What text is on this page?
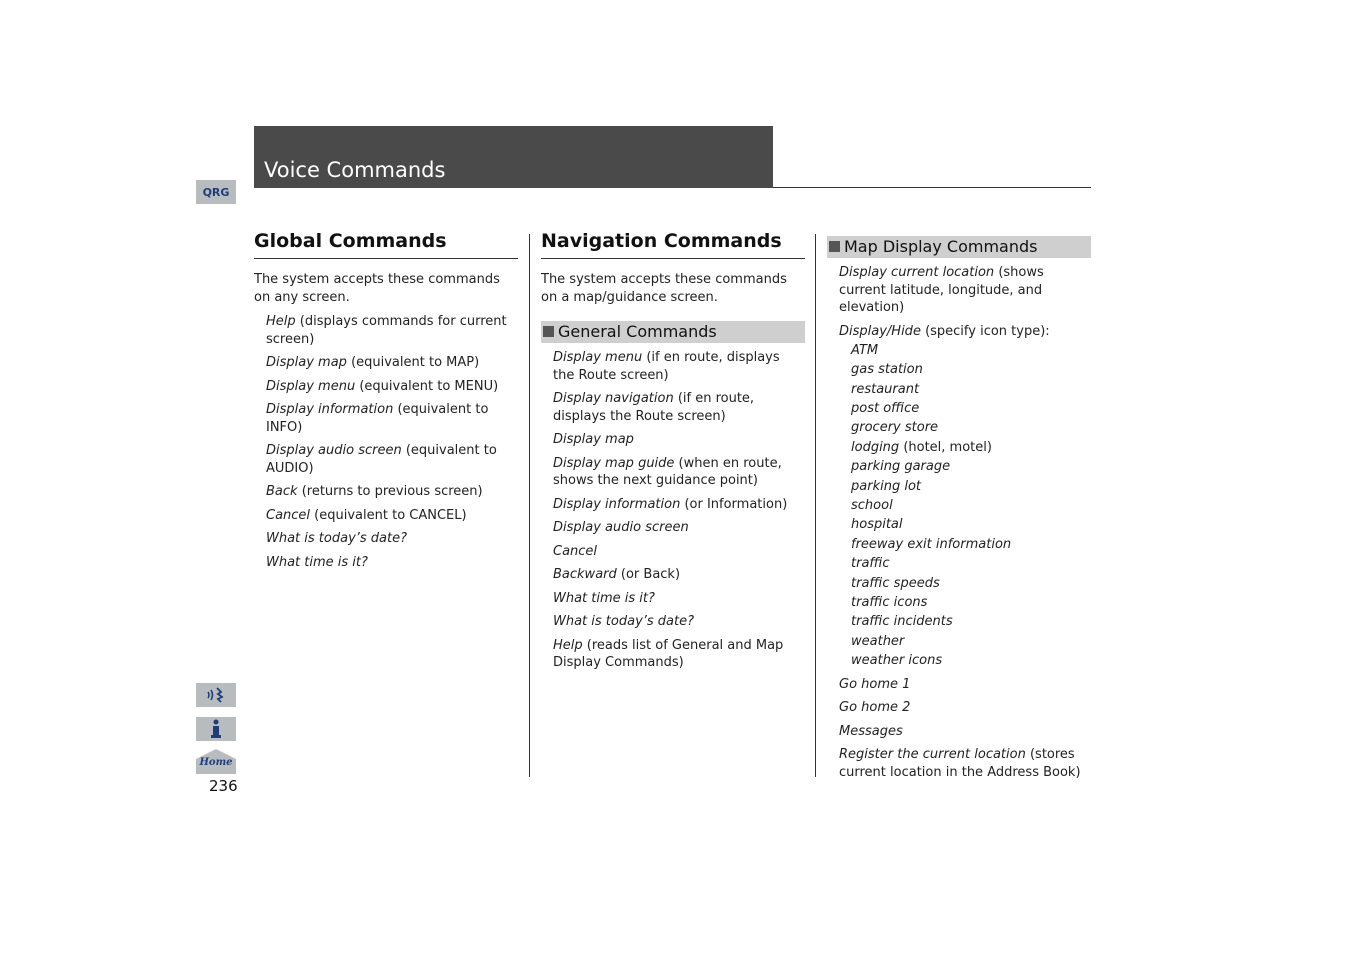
Voice Commands
QRG
Home
236
Global Commands

The system accepts these commands on any screen.

Help (displays commands for current screen)
Display map (equivalent to MAP)
Display menu (equivalent to MENU)
Display information (equivalent to INFO)
Display audio screen (equivalent to AUDIO)
Back (returns to previous screen)
Cancel (equivalent to CANCEL)
What is today’s date?
What time is it?
Navigation Commands

The system accepts these commands on a map/guidance screen.

General Commands
Display menu (if en route, displays the Route screen)
Display navigation (if en route, displays the Route screen)
Display map
Display map guide (when en route, shows the next guidance point)
Display information (or Information)
Display audio screen
Cancel
Backward (or Back)
What time is it?
What is today’s date?
Help (reads list of General and Map Display Commands)
Map Display Commands
Display current location (shows current latitude, longitude, and elevation)
Display/Hide (specify icon type):
ATM
gas station
restaurant
post office
grocery store
lodging (hotel, motel)
parking garage
parking lot
school
hospital
freeway exit information
traffic
traffic speeds
traffic icons
traffic incidents
weather
weather icons
Go home 1
Go home 2
Messages
Register the current location (stores current location in the Address Book)
